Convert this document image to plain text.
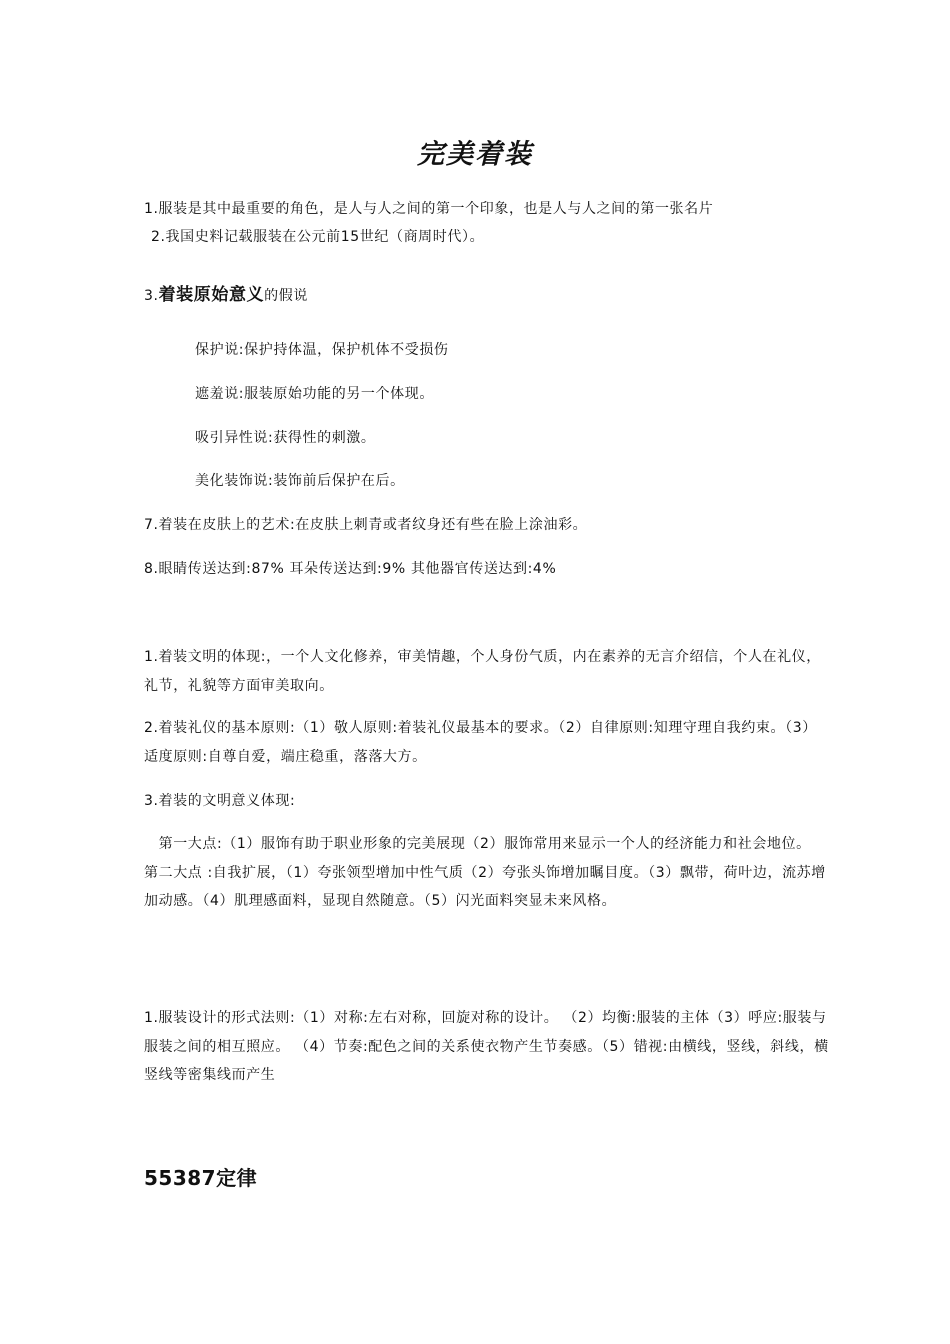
完美着装
1.服装是其中最重要的角色，是人与人之间的第一个印象，也是人与人之间的第一张名片
2.我国史料记载服装在公元前15世纪（商周时代）。
3.着装原始意义的假说
保护说:保护持体温，保护机体不受损伤
遮羞说:服装原始功能的另一个体现。
吸引异性说:获得性的刺激。
美化装饰说:装饰前后保护在后。
7.着装在皮肤上的艺术:在皮肤上刺青或者纹身还有些在脸上涂油彩。
8.眼睛传送达到:87% 耳朵传送达到:9% 其他器官传送达到:4%
1.着装文明的体现:，一个人文化修养，审美情趣，个人身份气质，内在素养的无言介绍信，个人在礼仪，礼节，礼貌等方面审美取向。
2.着装礼仪的基本原则:（1）敬人原则:着装礼仪最基本的要求。（2）自律原则:知理守理自我约束。（3）适度原则:自尊自爱，端庄稳重，落落大方。
3.着装的文明意义体现:
　第一大点:（1）服饰有助于职业形象的完美展现（2）服饰常用来显示一个人的经济能力和社会地位。　　第二大点 :自我扩展，（1）夸张领型增加中性气质（2）夸张头饰增加瞩目度。（3）飘带，荷叶边，流苏增加动感。（4）肌理感面料，显现自然随意。（5）闪光面料突显未来风格。
1.服装设计的形式法则:（1）对称:左右对称，回旋对称的设计。 （2）均衡:服装的主体（3）呼应:服装与服装之间的相互照应。 （4）节奏:配色之间的关系使衣物产生节奏感。（5）错视:由横线，竖线，斜线，横竖线等密集线而产生
55387定律
